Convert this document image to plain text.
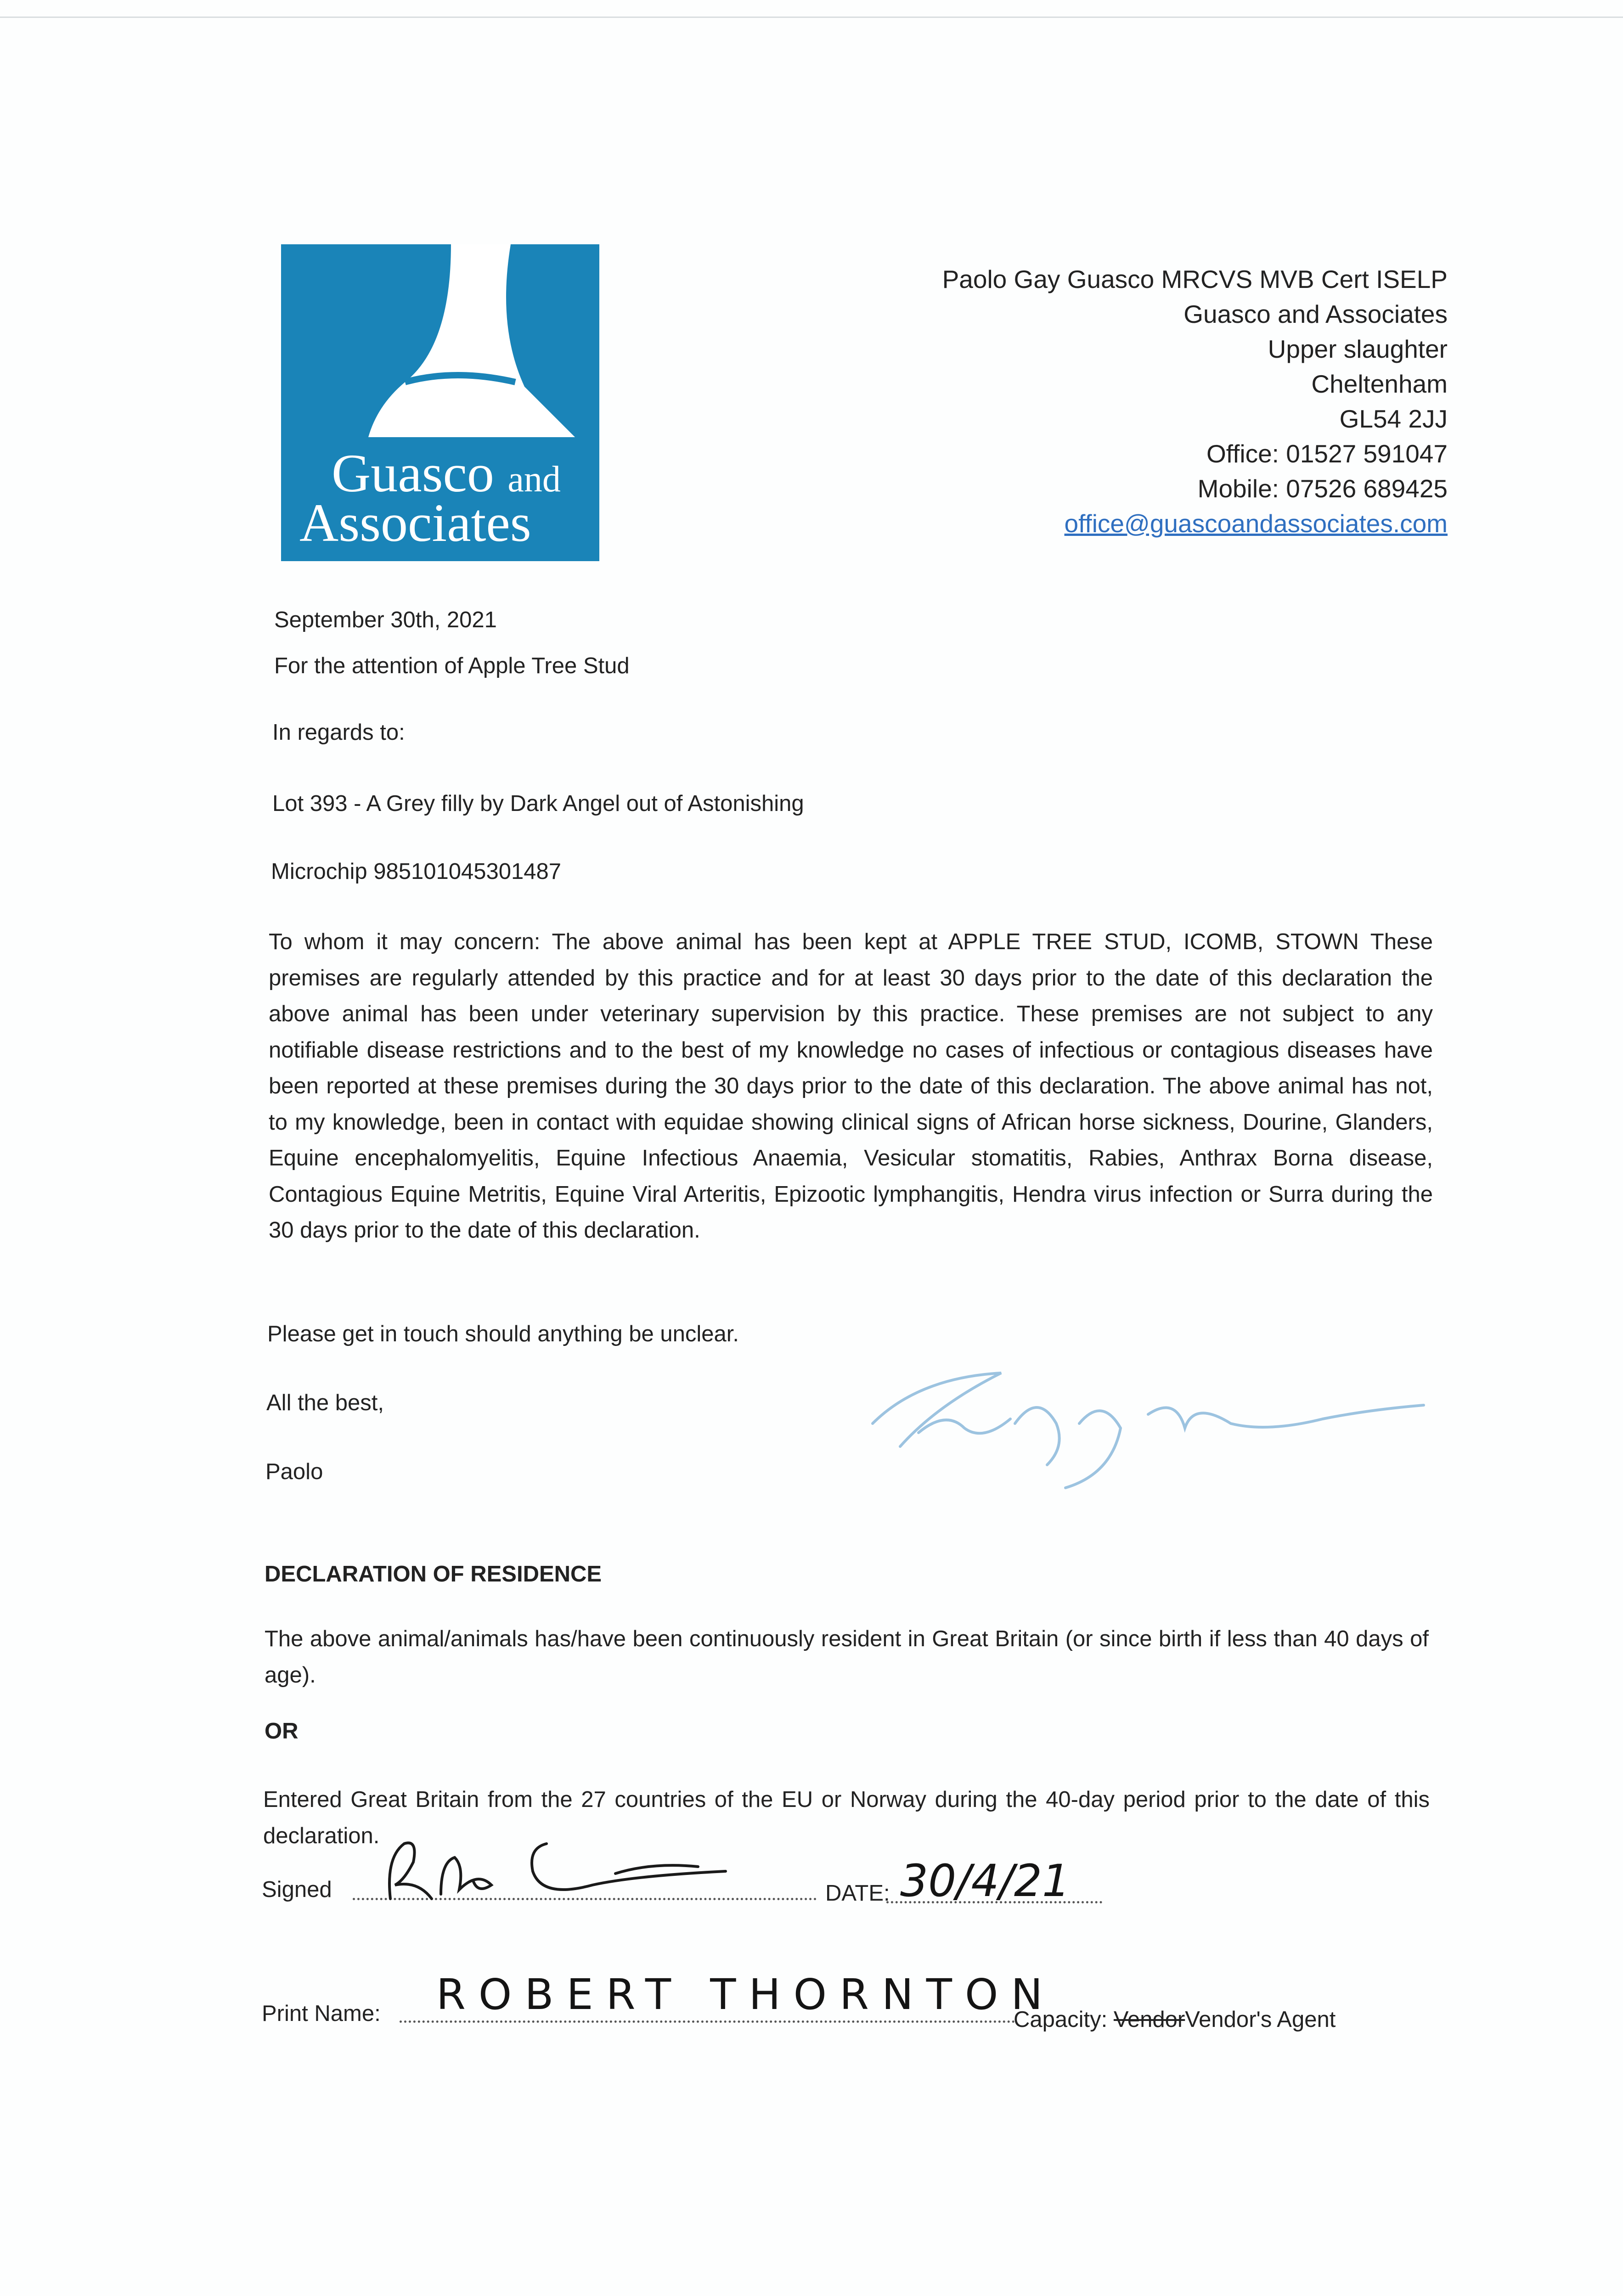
Guasco and
Associates
Paolo Gay Guasco MRCVS MVB Cert ISELP
Guasco and Associates
Upper slaughter
Cheltenham
GL54 2JJ
Office: 01527 591047
Mobile: 07526 689425
office@guascoandassociates.com
September 30th, 2021
For the attention of Apple Tree Stud
In regards to:
Lot 393 - A Grey filly by Dark Angel out of Astonishing
Microchip 985101045301487
To whom it may concern: The above animal has been kept at APPLE TREE STUD, ICOMB, STOWN These premises are regularly attended by this practice and for at least 30 days prior to the date of this declaration the above animal has been under veterinary supervision by this practice. These premises are not subject to any notifiable disease restrictions and to the best of my knowledge no cases of infectious or contagious diseases have been reported at these premises during the 30 days prior to the date of this declaration. The above animal has not, to my knowledge, been in contact with equidae showing clinical signs of African horse sickness, Dourine, Glanders, Equine encephalomyelitis, Equine Infectious Anaemia, Vesicular stomatitis, Rabies, Anthrax Borna disease, Contagious Equine Metritis, Equine Viral Arteritis, Epizootic lymphangitis, Hendra virus infection or Surra during the 30 days prior to the date of this declaration.
Please get in touch should anything be unclear.
All the best,
Paolo
DECLARATION OF RESIDENCE
The above animal/animals has/have been continuously resident in Great Britain (or since birth if less than 40 days of age).
OR
Entered Great Britain from the 27 countries of the EU or Norway during the 40-day period prior to the date of this declaration.
Signed	DATE: 30/4/21
Print Name: ROBERT THORNTON
Capacity: VendorVendor's Agent
